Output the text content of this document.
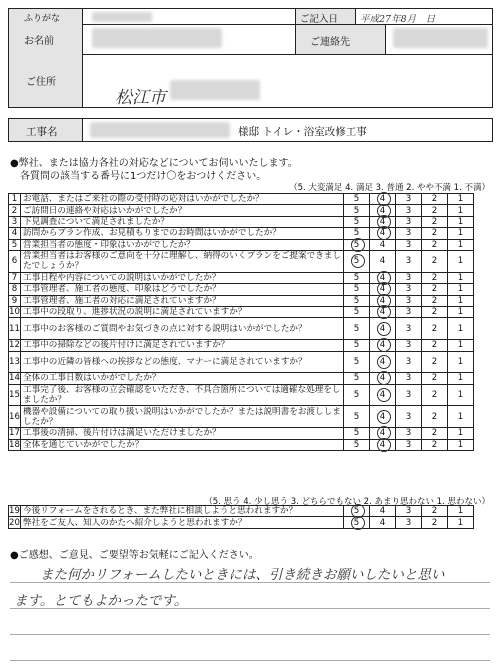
ふりがな
お名前
ご記入日 平成27年8月　日
ご連絡先
ご住所
松江市
工事名	様邸 トイレ・浴室改修工事
●弊社、または協力各社の対応などについてお伺いいたします。
各質問の該当する番号に1つだけ〇をおつけください。
（5. 大変満足 4. 満足 3. 普通 2. やや不満 1. 不満）
1	お電話、またはご来社の際の受付時の応対はいかがでしたか？	5	4	3	2	1
2	ご訪問日の連絡や対応はいかがでしたか？	5	4	3	2	1
3	下見調査について満足されましたか？	5	4	3	2	1
4	訪問からプラン作成、お見積もりまでのお時間はいかがでしたか？	5	4	3	2	1
5	営業担当者の態度・印象はいかがでしたか？	5	4	3	2	1
6	営業担当者はお客様のご意向を十分に理解し、納得のいくプランをご提案できましたでしょうか？	5	4	3	2	1
7	工事日程や内容についての説明はいかがでしたか？	5	4	3	2	1
8	工事管理者、施工者の態度、印象はどうでしたか？	5	4	3	2	1
9	工事管理者、施工者の対応に満足されていますか？	5	4	3	2	1
10	工事中の段取り、進捗状況の説明に満足されていますか？	5	4	3	2	1
11	工事中のお客様のご質問やお気づきの点に対する説明はいかがでしたか？	5	4	3	2	1
12	工事中の掃除などの後片付けに満足されていますか？	5	4	3	2	1
13	工事中の近隣の皆様への挨拶などの態度、マナーに満足されていますか？	5	4	3	2	1
14	全体の工事日数はいかがでしたか？	5	4	3	2	1
15	工事完了後、お客様の立会確認をいただき、不具合箇所については適確な処理をしましたか？	5	4	3	2	1
16	機器や設備についての取り扱い説明はいかがでしたか？または説明書をお渡ししましたか？	5	4	3	2	1
17	工事後の清掃、後片付けは満足いただけましたか？	5	4	3	2	1
18	全体を通じていかがでしたか？	5	4	3	2	1
（5. 思う 4. 少し思う 3. どちらでもない 2. あまり思わない 1. 思わない）
19	今後リフォームをされるとき、また弊社に相談しようと思われますか？	5	4	3	2	1
20	弊社をご友人、知人のかたへ紹介しようと思われますか？	5	4	3	2	1
●ご感想、ご意見、ご要望等お気軽にご記入ください。
また何かリフォームしたいときには、引き続きお願いしたいと思い
ます。とてもよかったです。
